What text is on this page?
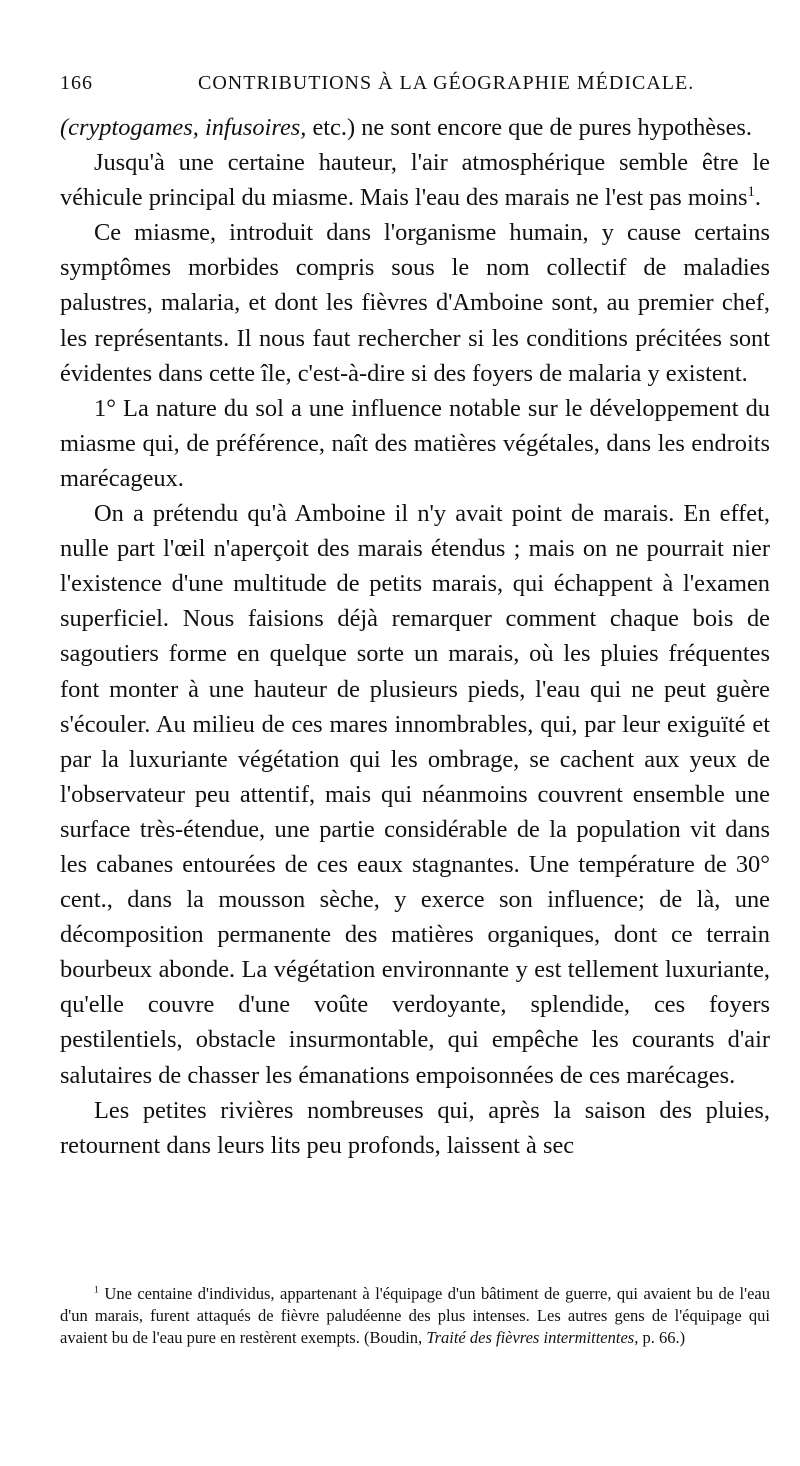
166	CONTRIBUTIONS À LA GÉOGRAPHIE MÉDICALE.

(cryptogames, infusoires, etc.) ne sont encore que de pures hypothèses.

Jusqu'à une certaine hauteur, l'air atmosphérique semble être le véhicule principal du miasme. Mais l'eau des marais ne l'est pas moins$^1$.

Ce miasme, introduit dans l'organisme humain, y cause certains symptômes morbides compris sous le nom collectif de maladies palustres, malaria, et dont les fièvres d'Amboine sont, au premier chef, les représentants. Il nous faut rechercher si les conditions précitées sont évidentes dans cette île, c'est-à-dire si des foyers de malaria y existent.

1° La nature du sol a une influence notable sur le développement du miasme qui, de préférence, naît des matières végétales, dans les endroits marécageux.

On a prétendu qu'à Amboine il n'y avait point de marais. En effet, nulle part l'œil n'aperçoit des marais étendus ; mais on ne pourrait nier l'existence d'une multitude de petits marais, qui échappent à l'examen superficiel. Nous faisions déjà remarquer comment chaque bois de sagoutiers forme en quelque sorte un marais, où les pluies fréquentes font monter à une hauteur de plusieurs pieds, l'eau qui ne peut guère s'écouler. Au milieu de ces mares innombrables, qui, par leur exiguïté et par la luxuriante végétation qui les ombrage, se cachent aux yeux de l'observateur peu attentif, mais qui néanmoins couvrent ensemble une surface très-étendue, une partie considérable de la population vit dans les cabanes entourées de ces eaux stagnantes. Une température de 30° cent., dans la mousson sèche, y exerce son influence; de là, une décomposition permanente des matières organiques, dont ce terrain bourbeux abonde. La végétation environnante y est tellement luxuriante, qu'elle couvre d'une voûte verdoyante, splendide, ces foyers pestilentiels, obstacle insurmontable, qui empêche les courants d'air salutaires de chasser les émanations empoisonnées de ces marécages.

Les petites rivières nombreuses qui, après la saison des pluies, retournent dans leurs lits peu profonds, laissent à sec

$^1$ Une centaine d'individus, appartenant à l'équipage d'un bâtiment de guerre, qui avaient bu de l'eau d'un marais, furent attaqués de fièvre paludéenne des plus intenses. Les autres gens de l'équipage qui avaient bu de l'eau pure en restèrent exempts. (Boudin, Traité des fièvres intermittentes, p. 66.)
